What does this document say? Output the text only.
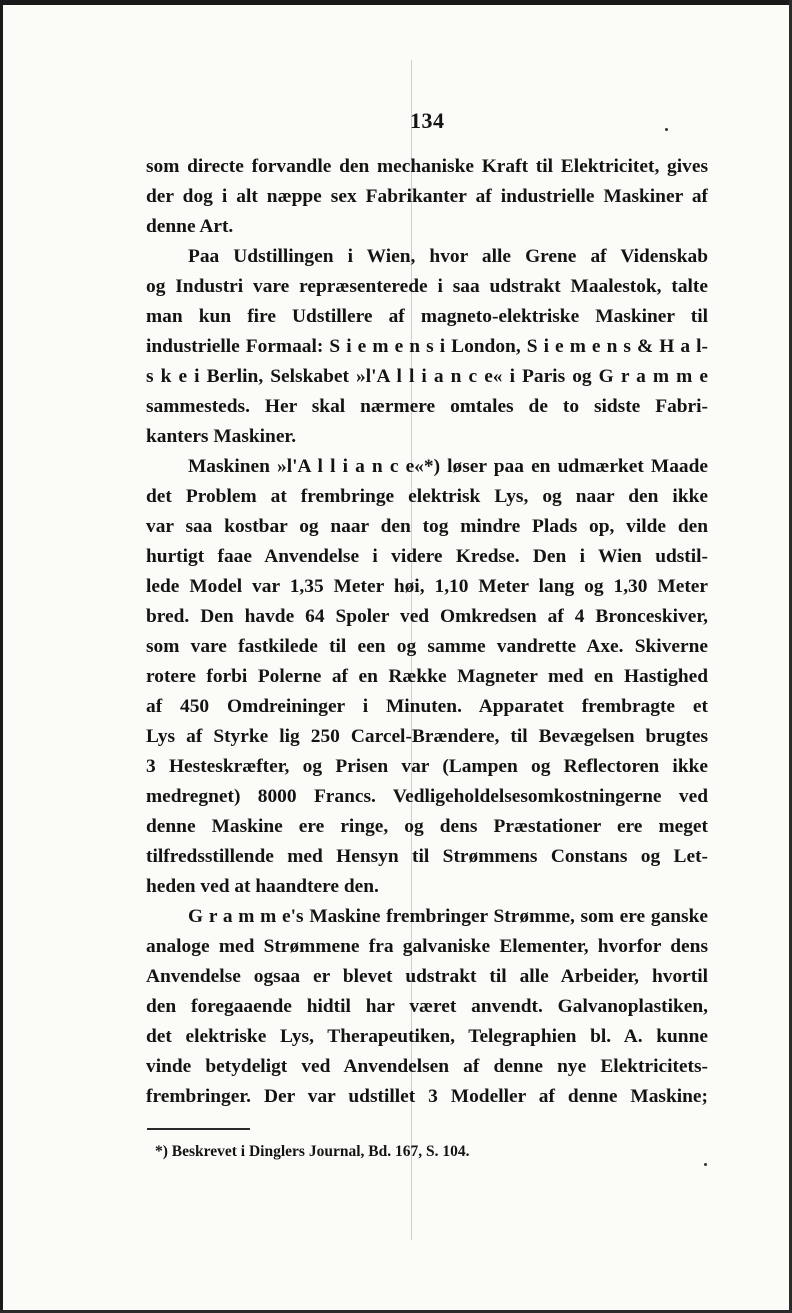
134
som directe forvandle den mechaniske Kraft til Elektricitet, gives
der dog i alt næppe sex Fabrikanter af industrielle Maskiner af
denne Art.
Paa Udstillingen i Wien, hvor alle Grene af Videnskab
og Industri vare repræsenterede i saa udstrakt Maalestok, talte
man kun fire Udstillere af magneto-elektriske Maskiner til
industrielle Formaal: S i e m e n s i London, S i e m e n s & H a l-
s k e i Berlin, Selskabet »l'A l l i a n c e« i Paris og G r a m m e
sammesteds. Her skal nærmere omtales de to sidste Fabri-
kanters Maskiner.
Maskinen »l'A l l i a n c e«*) løser paa en udmærket Maade
det Problem at frembringe elektrisk Lys, og naar den ikke
var saa kostbar og naar den tog mindre Plads op, vilde den
hurtigt faae Anvendelse i videre Kredse. Den i Wien udstil-
lede Model var 1,35 Meter høi, 1,10 Meter lang og 1,30 Meter
bred. Den havde 64 Spoler ved Omkredsen af 4 Bronceskiver,
som vare fastkilede til een og samme vandrette Axe. Skiverne
rotere forbi Polerne af en Række Magneter med en Hastighed
af 450 Omdreininger i Minuten. Apparatet frembragte et
Lys af Styrke lig 250 Carcel-Brændere, til Bevægelsen brugtes
3 Hesteskræfter, og Prisen var (Lampen og Reflectoren ikke
medregnet) 8000 Francs. Vedligeholdelsesomkostningerne ved
denne Maskine ere ringe, og dens Præstationer ere meget
tilfredsstillende med Hensyn til Strømmens Constans og Let-
heden ved at haandtere den.
G r a m m e's Maskine frembringer Strømme, som ere ganske
analoge med Strømmene fra galvaniske Elementer, hvorfor dens
Anvendelse ogsaa er blevet udstrakt til alle Arbeider, hvortil
den foregaaende hidtil har været anvendt. Galvanoplastiken,
det elektriske Lys, Therapeutiken, Telegraphien bl. A. kunne
vinde betydeligt ved Anvendelsen af denne nye Elektricitets-
frembringer. Der var udstillet 3 Modeller af denne Maskine;
*) Beskrevet i Dinglers Journal, Bd. 167, S. 104.
